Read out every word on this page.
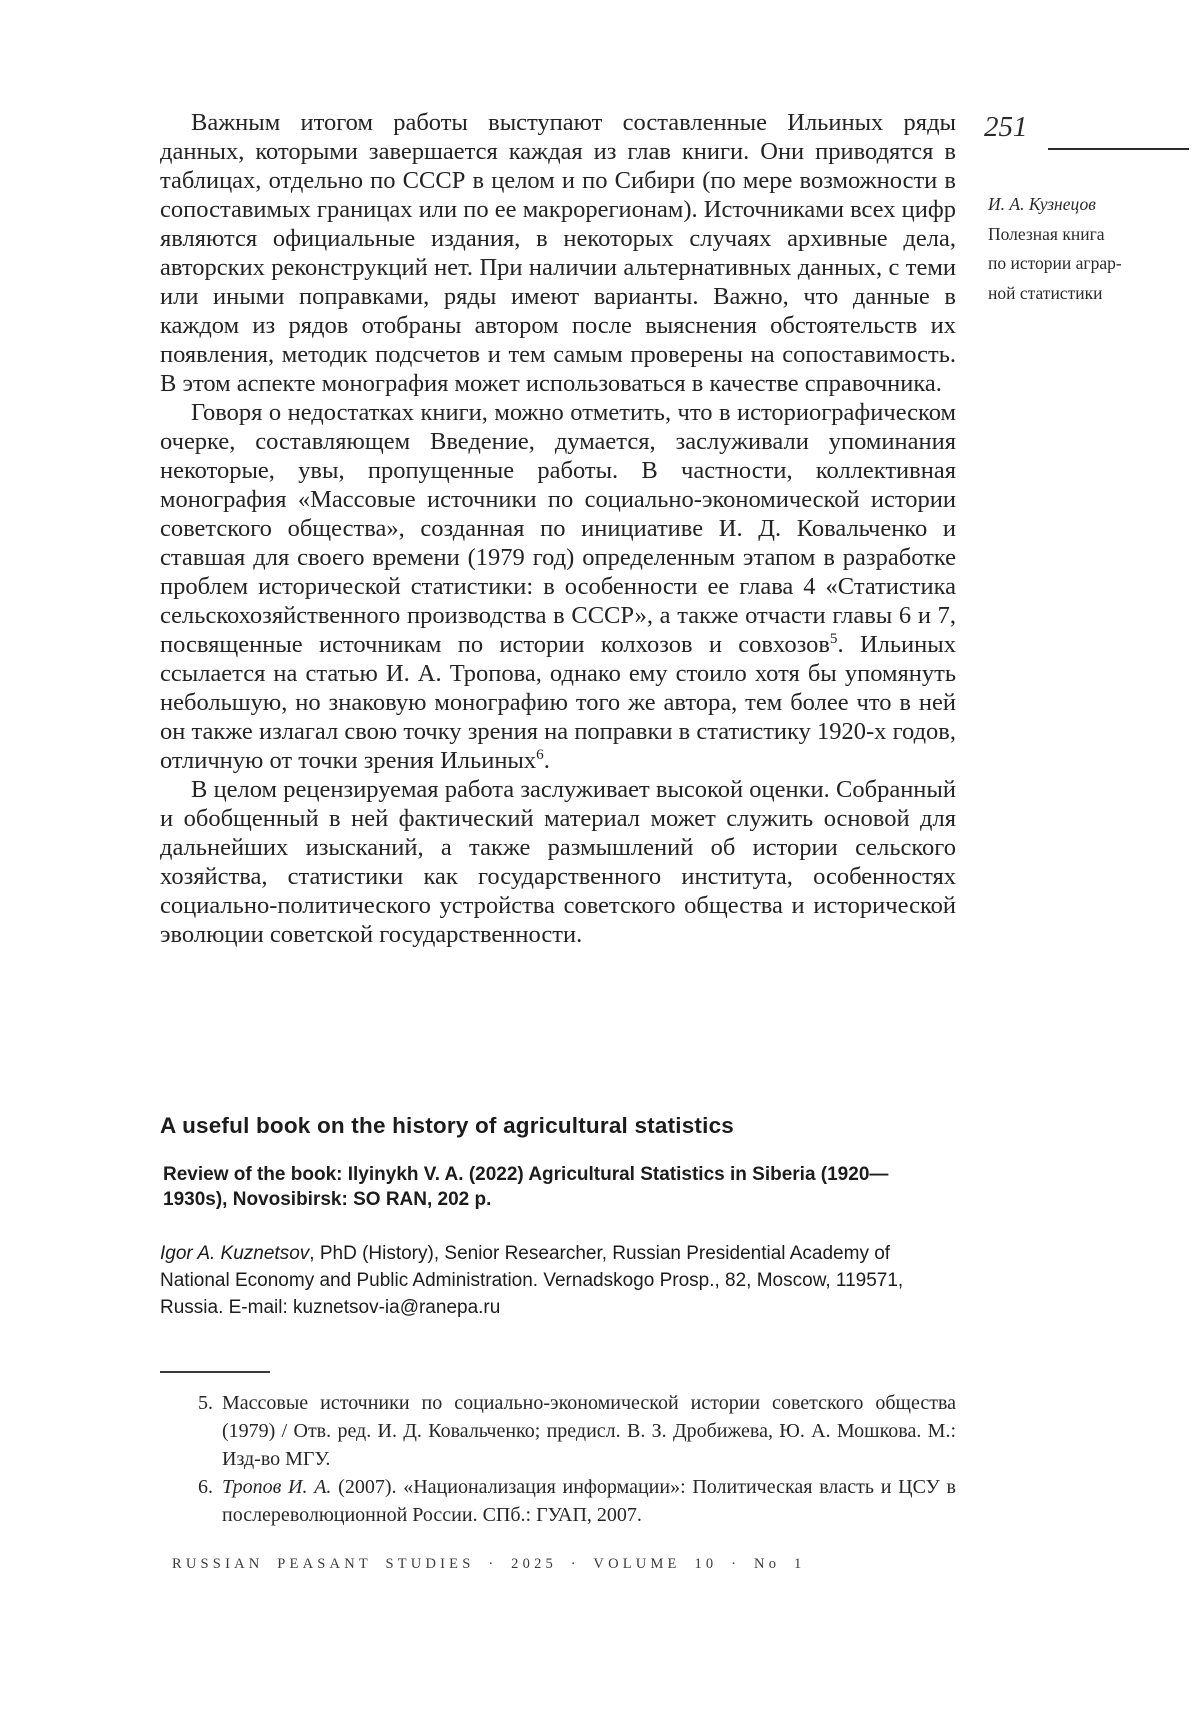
251
И. А. Кузнецов
Полезная книга
по истории аграр-
ной статистики

Важным итогом работы выступают составленные Ильиных ряды данных, которыми завершается каждая из глав книги. Они приводятся в таблицах, отдельно по СССР в целом и по Сибири (по мере возможности в сопоставимых границах или по ее макрорегионам). Источниками всех цифр являются официальные издания, в некоторых случаях архивные дела, авторских реконструкций нет. При наличии альтернативных данных, с теми или иными поправками, ряды имеют варианты. Важно, что данные в каждом из рядов отобраны автором после выяснения обстоятельств их появления, методик подсчетов и тем самым проверены на сопоставимость. В этом аспекте монография может использоваться в качестве справочника.

Говоря о недостатках книги, можно отметить, что в историографическом очерке, составляющем Введение, думается, заслуживали упоминания некоторые, увы, пропущенные работы. В частности, коллективная монография «Массовые источники по социально-экономической истории советского общества», созданная по инициативе И. Д. Ковальченко и ставшая для своего времени (1979 год) определенным этапом в разработке проблем исторической статистики: в особенности ее глава 4 «Статистика сельскохозяйственного производства в СССР», а также отчасти главы 6 и 7, посвященные источникам по истории колхозов и совхозов$^5$. Ильиных ссылается на статью И. А. Тропова, однако ему стоило хотя бы упомянуть небольшую, но знаковую монографию того же автора, тем более что в ней он также излагал свою точку зрения на поправки в статистику 1920-х годов, отличную от точки зрения Ильиных$^6$.

В целом рецензируемая работа заслуживает высокой оценки. Собранный и обобщенный в ней фактический материал может служить основой для дальнейших изысканий, а также размышлений об истории сельского хозяйства, статистики как государственного института, особенностях социально-политического устройства советского общества и исторической эволюции советской государственности.

A useful book on the history of agricultural statistics

Review of the book: Ilyinykh V. A. (2022) Agricultural Statistics in Siberia (1920—1930s), Novosibirsk: SO RAN, 202 p.

Igor A. Kuznetsov, PhD (History), Senior Researcher, Russian Presidential Academy of National Economy and Public Administration. Vernadskogo Prosp., 82, Moscow, 119571, Russia. E-mail: kuznetsov-ia@ranepa.ru

5. Массовые источники по социально-экономической истории советского общества (1979) / Отв. ред. И. Д. Ковальченко; предисл. В. З. Дробижева, Ю. А. Мошкова. М.: Изд-во МГУ.
6. Тропов И. А. (2007). «Национализация информации»: Политическая власть и ЦСУ в послереволюционной России. СПб.: ГУАП, 2007.
RUSSIAN PEASANT STUDIES · 2025 · VOLUME 10 · No 1
